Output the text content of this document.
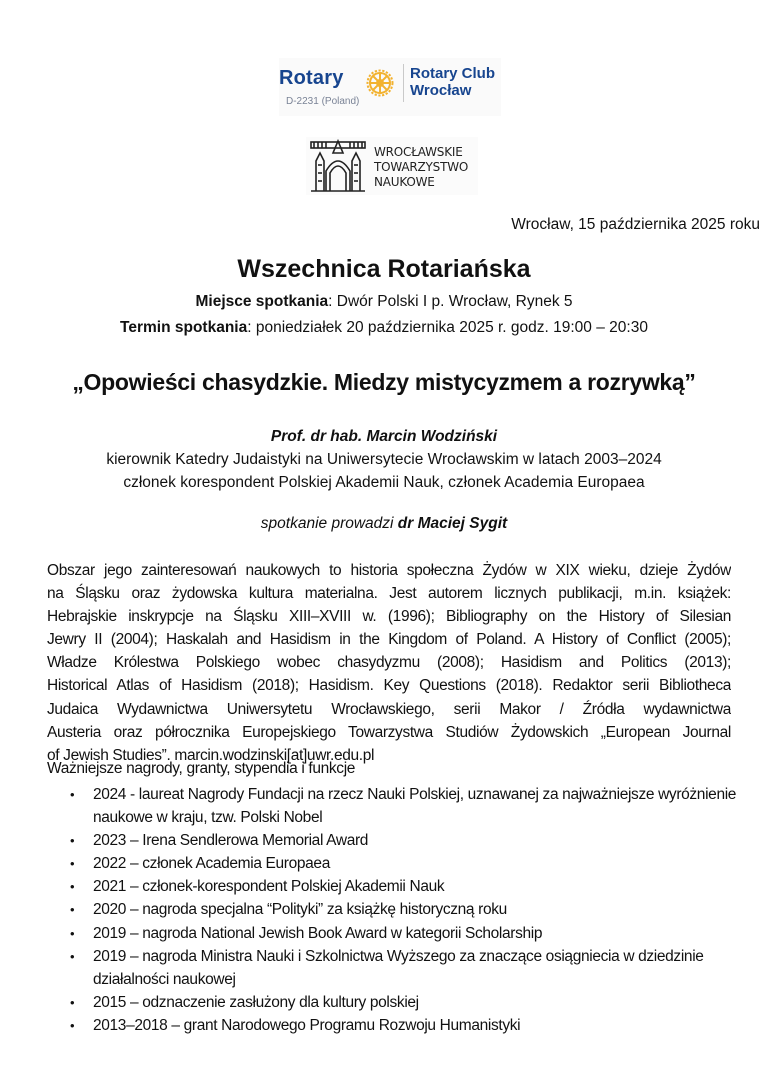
Rotary
D-2231 (Poland)
Rotary Club
Wrocław
WROCŁAWSKIE
TOWARZYSTWO
NAUKOWE
Wrocław, 15 października 2025 roku
Wszechnica Rotariańska
Miejsce spotkania: Dwór Polski I p. Wrocław, Rynek 5
Termin spotkania: poniedziałek 20 października 2025 r. godz. 19:00 – 20:30
„Opowieści chasydzkie. Miedzy mistycyzmem a rozrywką”
Prof. dr hab. Marcin Wodziński
kierownik Katedry Judaistyki na Uniwersytecie Wrocławskim w latach 2003–2024
członek korespondent Polskiej Akademii Nauk, członek Academia Europaea
spotkanie prowadzi dr Maciej Sygit
Obszar jego zainteresowań naukowych to historia społeczna Żydów w XIX wieku, dzieje Żydów
na Śląsku oraz żydowska kultura materialna. Jest autorem licznych publikacji, m.in. książek:
Hebrajskie inskrypcje na Śląsku XIII–XVIII w. (1996); Bibliography on the History of Silesian
Jewry II (2004); Haskalah and Hasidism in the Kingdom of Poland. A History of Conflict (2005);
Władze Królestwa Polskiego wobec chasydyzmu (2008); Hasidism and Politics (2013);
Historical Atlas of Hasidism (2018); Hasidism. Key Questions (2018). Redaktor serii Bibliotheca
Judaica Wydawnictwa Uniwersytetu Wrocławskiego, serii Makor / Źródła wydawnictwa
Austeria oraz półrocznika Europejskiego Towarzystwa Studiów Żydowskich „European Journal
of Jewish Studies”. marcin.wodzinski[at]uwr.edu.pl
Ważniejsze nagrody, granty, stypendia i funkcje
• 2024 - laureat Nagrody Fundacji na rzecz Nauki Polskiej, uznawanej za najważniejsze wyróżnienie naukowe w kraju, tzw. Polski Nobel
• 2023 – Irena Sendlerowa Memorial Award
• 2022 – członek Academia Europaea
• 2021 – członek-korespondent Polskiej Akademii Nauk
• 2020 – nagroda specjalna “Polityki” za książkę historyczną roku
• 2019 – nagroda National Jewish Book Award w kategorii Scholarship
• 2019 – nagroda Ministra Nauki i Szkolnictwa Wyższego za znaczące osiągniecia w dziedzinie działalności naukowej
• 2015 – odznaczenie zasłużony dla kultury polskiej
• 2013–2018 – grant Narodowego Programu Rozwoju Humanistyki
